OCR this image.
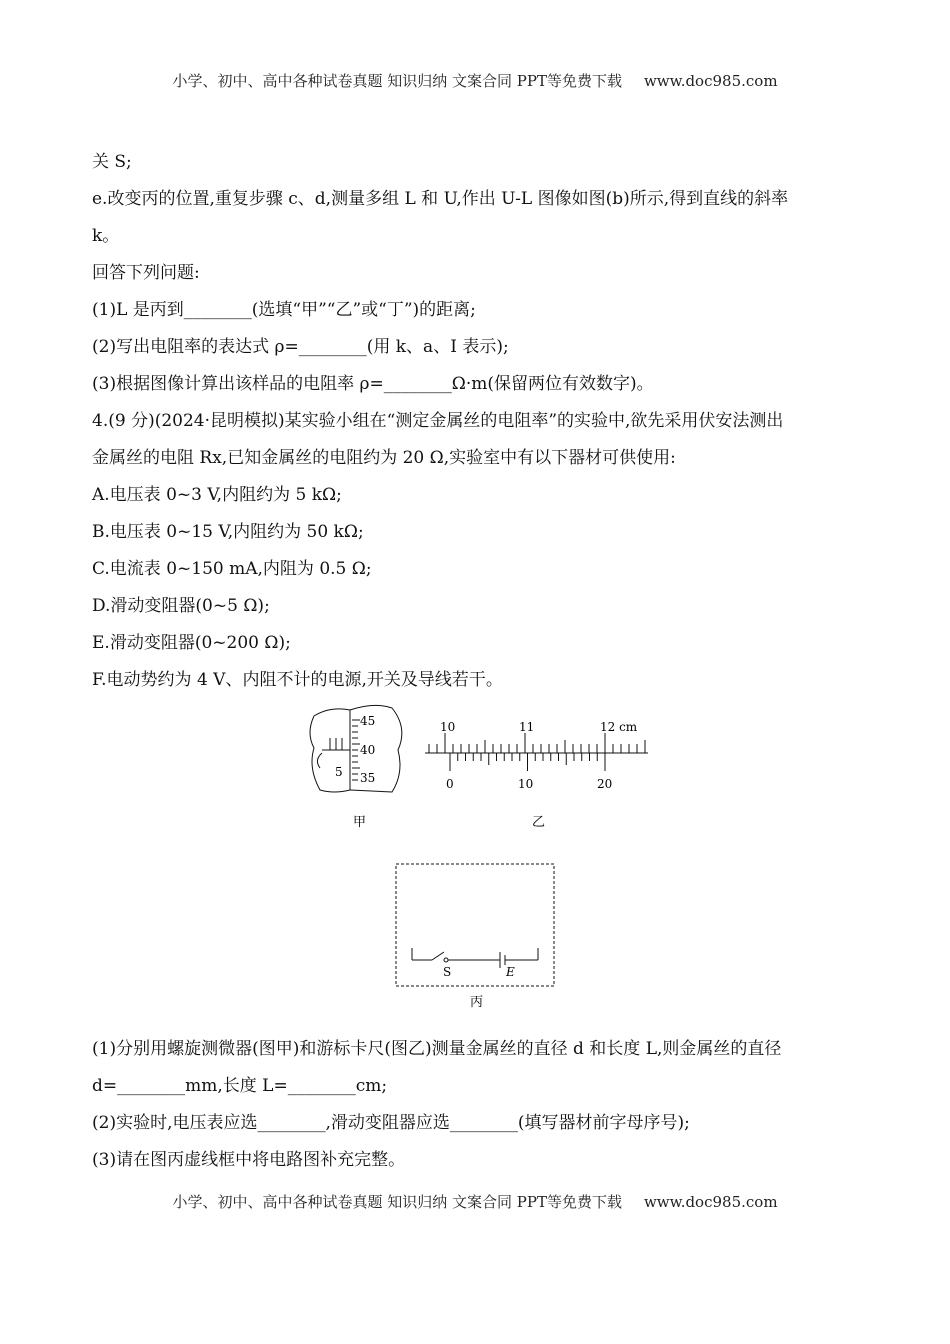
小学、初中、高中各种试卷真题 知识归纳 文案合同 PPT等免费下载 www.doc985.com
关 S;
e.改变丙的位置,重复步骤 c、d,测量多组 L 和 U,作出 U-L 图像如图(b)所示,得到直线的斜率
k。
回答下列问题:
(1)L 是丙到________(选填“甲”“乙”或“丁”)的距离;
(2)写出电阻率的表达式 ρ=________(用 k、a、I 表示);
(3)根据图像计算出该样品的电阻率 ρ=________Ω·m(保留两位有效数字)。
4.(9 分)(2024·昆明模拟)某实验小组在“测定金属丝的电阻率”的实验中,欲先采用伏安法测出
金属丝的电阻 Rx,已知金属丝的电阻约为 20 Ω,实验室中有以下器材可供使用:
A.电压表 0~3 V,内阻约为 5 kΩ;
B.电压表 0~15 V,内阻约为 50 kΩ;
C.电流表 0~150 mA,内阻为 0.5 Ω;
D.滑动变阻器(0~5 Ω);
E.滑动变阻器(0~200 Ω);
F.电动势约为 4 V、内阻不计的电源,开关及导线若干。
45
40
35
5
甲
10	11	12 cm
0	10	20
乙
S	E
丙
(1)分别用螺旋测微器(图甲)和游标卡尺(图乙)测量金属丝的直径 d 和长度 L,则金属丝的直径
d=________mm,长度 L=________cm;
(2)实验时,电压表应选________,滑动变阻器应选________(填写器材前字母序号);
(3)请在图丙虚线框中将电路图补充完整。
小学、初中、高中各种试卷真题 知识归纳 文案合同 PPT等免费下载 www.doc985.com
